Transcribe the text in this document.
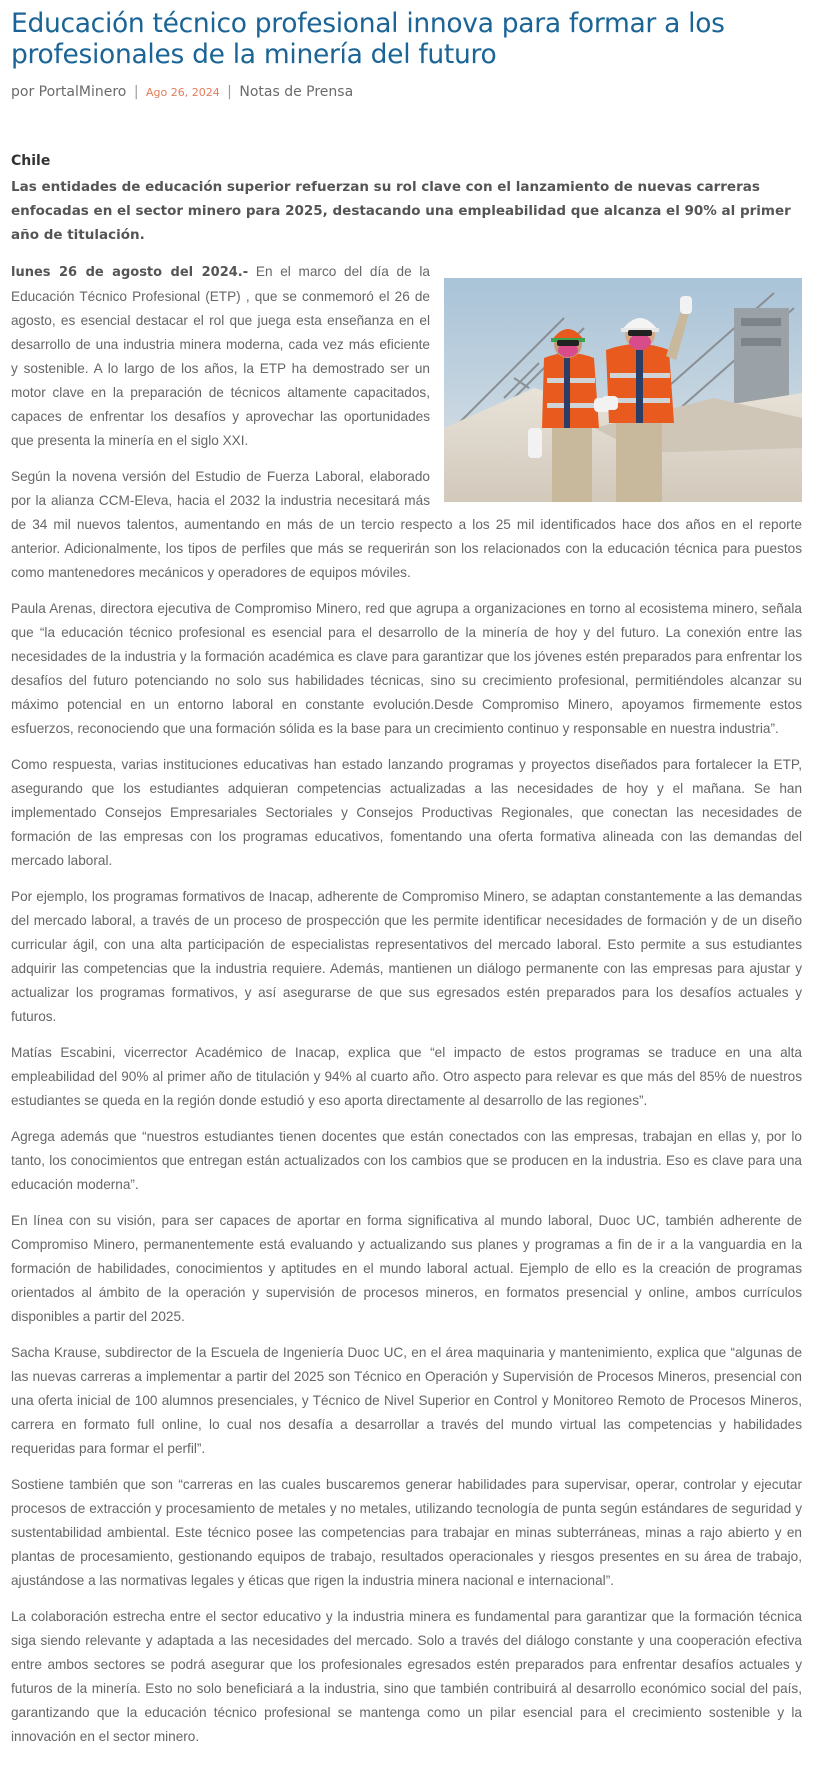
Educación técnico profesional innova para formar a los profesionales de la minería del futuro
por PortalMinero | Ago 26, 2024 | Notas de Prensa
Chile
Las entidades de educación superior refuerzan su rol clave con el lanzamiento de nuevas carreras enfocadas en el sector minero para 2025, destacando una empleabilidad que alcanza el 90% al primer año de titulación.

lunes 26 de agosto del 2024.- En el marco del día de la Educación Técnico Profesional (ETP) , que se conmemoró el 26 de agosto, es esencial destacar el rol que juega esta enseñanza en el desarrollo de una industria minera moderna, cada vez más eficiente y sostenible. A lo largo de los años, la ETP ha demostrado ser un motor clave en la preparación de técnicos altamente capacitados, capaces de enfrentar los desafíos y aprovechar las oportunidades que presenta la minería en el siglo XXI.

Según la novena versión del Estudio de Fuerza Laboral, elaborado por la alianza CCM-Eleva, hacia el 2032 la industria necesitará más de 34 mil nuevos talentos, aumentando en más de un tercio respecto a los 25 mil identificados hace dos años en el reporte anterior. Adicionalmente, los tipos de perfiles que más se requerirán son los relacionados con la educación técnica para puestos como mantenedores mecánicos y operadores de equipos móviles.

Paula Arenas, directora ejecutiva de Compromiso Minero, red que agrupa a organizaciones en torno al ecosistema minero, señala que “la educación técnico profesional es esencial para el desarrollo de la minería de hoy y del futuro. La conexión entre las necesidades de la industria y la formación académica es clave para garantizar que los jóvenes estén preparados para enfrentar los desafíos del futuro potenciando no solo sus habilidades técnicas, sino su crecimiento profesional, permitiéndoles alcanzar su máximo potencial en un entorno laboral en constante evolución.Desde Compromiso Minero, apoyamos firmemente estos esfuerzos, reconociendo que una formación sólida es la base para un crecimiento continuo y responsable en nuestra industria”.

Como respuesta, varias instituciones educativas han estado lanzando programas y proyectos diseñados para fortalecer la ETP, asegurando que los estudiantes adquieran competencias actualizadas a las necesidades de hoy y el mañana. Se han implementado Consejos Empresariales Sectoriales y Consejos Productivas Regionales, que conectan las necesidades de formación de las empresas con los programas educativos, fomentando una oferta formativa alineada con las demandas del mercado laboral.

Por ejemplo, los programas formativos de Inacap, adherente de Compromiso Minero, se adaptan constantemente a las demandas del mercado laboral, a través de un proceso de prospección que les permite identificar necesidades de formación y de un diseño curricular ágil, con una alta participación de especialistas representativos del mercado laboral. Esto permite a sus estudiantes adquirir las competencias que la industria requiere. Además, mantienen un diálogo permanente con las empresas para ajustar y actualizar los programas formativos, y así asegurarse de que sus egresados estén preparados para los desafíos actuales y futuros.

Matías Escabini, vicerrector Académico de Inacap, explica que “el impacto de estos programas se traduce en una alta empleabilidad del 90% al primer año de titulación y 94% al cuarto año. Otro aspecto para relevar es que más del 85% de nuestros estudiantes se queda en la región donde estudió y eso aporta directamente al desarrollo de las regiones”.

Agrega además que “nuestros estudiantes tienen docentes que están conectados con las empresas, trabajan en ellas y, por lo tanto, los conocimientos que entregan están actualizados con los cambios que se producen en la industria. Eso es clave para una educación moderna”.

En línea con su visión, para ser capaces de aportar en forma significativa al mundo laboral, Duoc UC, también adherente de Compromiso Minero, permanentemente está evaluando y actualizando sus planes y programas a fin de ir a la vanguardia en la formación de habilidades, conocimientos y aptitudes en el mundo laboral actual. Ejemplo de ello es la creación de programas orientados al ámbito de la operación y supervisión de procesos mineros, en formatos presencial y online, ambos currículos disponibles a partir del 2025.

Sacha Krause, subdirector de la Escuela de Ingeniería Duoc UC, en el área maquinaria y mantenimiento, explica que “algunas de las nuevas carreras a implementar a partir del 2025 son Técnico en Operación y Supervisión de Procesos Mineros, presencial con una oferta inicial de 100 alumnos presenciales, y Técnico de Nivel Superior en Control y Monitoreo Remoto de Procesos Mineros, carrera en formato full online, lo cual nos desafía a desarrollar a través del mundo virtual las competencias y habilidades requeridas para formar el perfil”.

Sostiene también que son “carreras en las cuales buscaremos generar habilidades para supervisar, operar, controlar y ejecutar procesos de extracción y procesamiento de metales y no metales, utilizando tecnología de punta según estándares de seguridad y sustentabilidad ambiental. Este técnico posee las competencias para trabajar en minas subterráneas, minas a rajo abierto y en plantas de procesamiento, gestionando equipos de trabajo, resultados operacionales y riesgos presentes en su área de trabajo, ajustándose a las normativas legales y éticas que rigen la industria minera nacional e internacional”.

La colaboración estrecha entre el sector educativo y la industria minera es fundamental para garantizar que la formación técnica siga siendo relevante y adaptada a las necesidades del mercado. Solo a través del diálogo constante y una cooperación efectiva entre ambos sectores se podrá asegurar que los profesionales egresados estén preparados para enfrentar desafíos actuales y futuros de la minería. Esto no solo beneficiará a la industria, sino que también contribuirá al desarrollo económico social del país, garantizando que la educación técnico profesional se mantenga como un pilar esencial para el crecimiento sostenible y la innovación en el sector minero.
